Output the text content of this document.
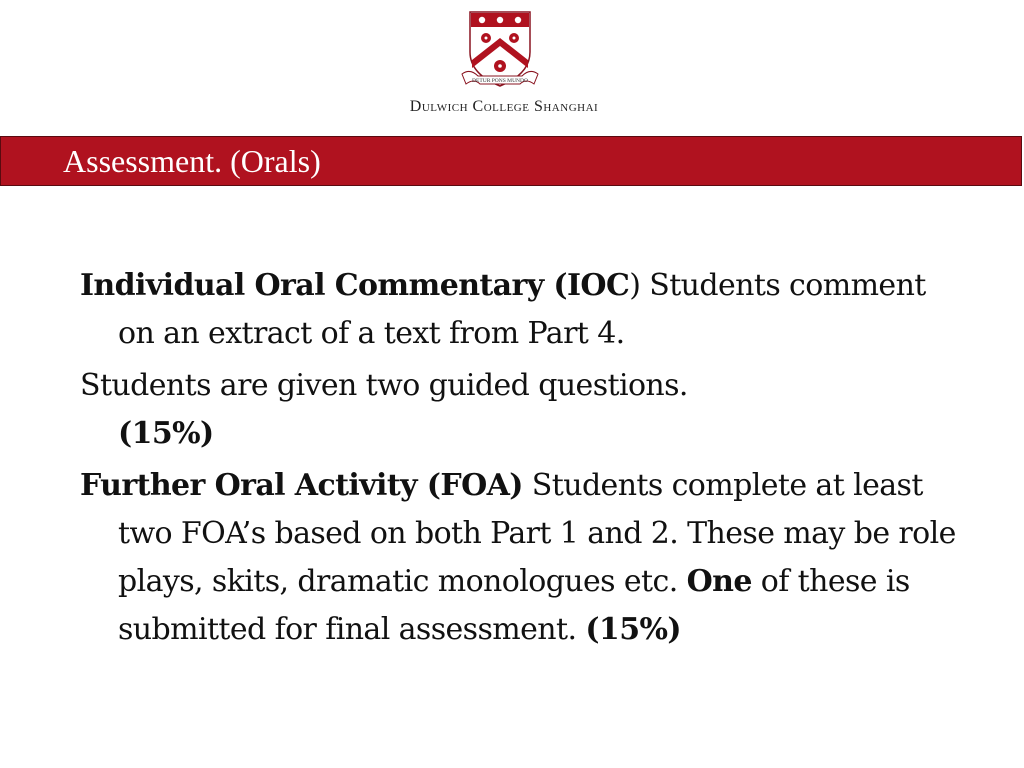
DETUR PONS MUNDO
Dulwich College Shanghai
Assessment. (Orals)

Individual Oral Commentary (IOC) Students comment on an extract of a text from Part 4.

Students are given two guided questions.
(15%)

Further Oral Activity (FOA) Students complete at least two FOA’s based on both Part 1 and 2. These may be role plays, skits, dramatic monologues etc. One of these is submitted for final assessment. (15%)
